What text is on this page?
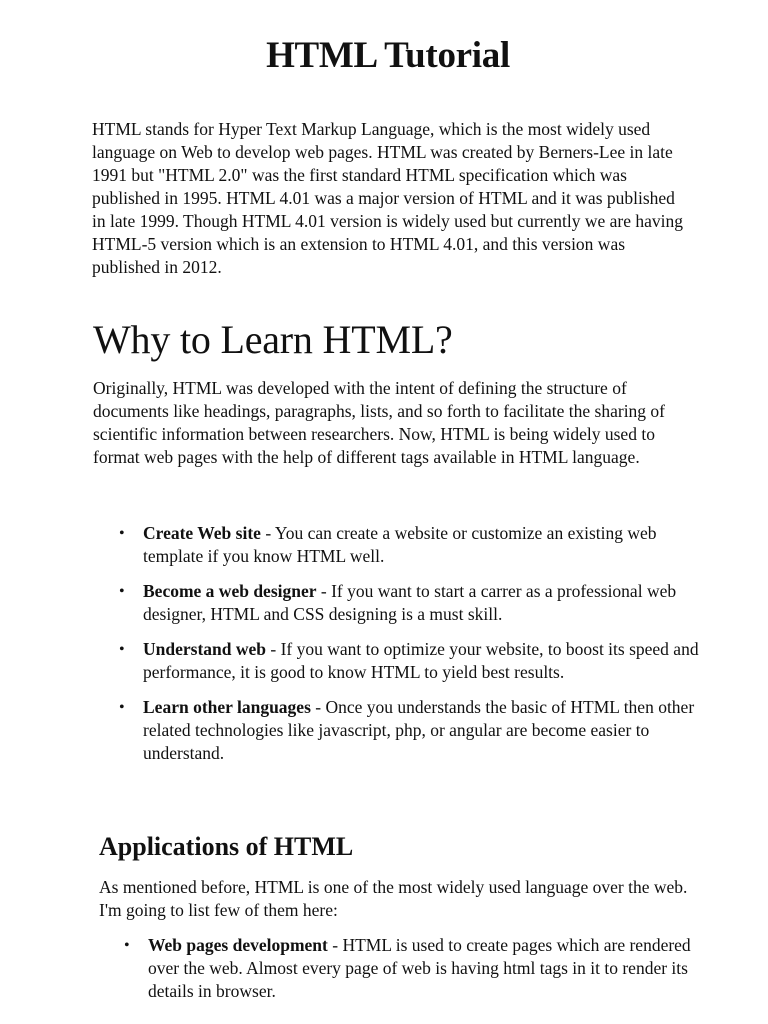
HTML Tutorial

HTML stands for Hyper Text Markup Language, which is the most widely used language on Web to develop web pages. HTML was created by Berners-Lee in late 1991 but "HTML 2.0" was the first standard HTML specification which was published in 1995. HTML 4.01 was a major version of HTML and it was published in late 1999. Though HTML 4.01 version is widely used but currently we are having HTML-5 version which is an extension to HTML 4.01, and this version was published in 2012.

Why to Learn HTML?

Originally, HTML was developed with the intent of defining the structure of documents like headings, paragraphs, lists, and so forth to facilitate the sharing of scientific information between researchers. Now, HTML is being widely used to format web pages with the help of different tags available in HTML language.

• Create Web site - You can create a website or customize an existing web template if you know HTML well.
• Become a web designer - If you want to start a carrer as a professional web designer, HTML and CSS designing is a must skill.
• Understand web - If you want to optimize your website, to boost its speed and performance, it is good to know HTML to yield best results.
• Learn other languages - Once you understands the basic of HTML then other related technologies like javascript, php, or angular are become easier to understand.
Applications of HTML

As mentioned before, HTML is one of the most widely used language over the web. I'm going to list few of them here:

• Web pages development - HTML is used to create pages which are rendered over the web. Almost every page of web is having html tags in it to render its details in browser.
